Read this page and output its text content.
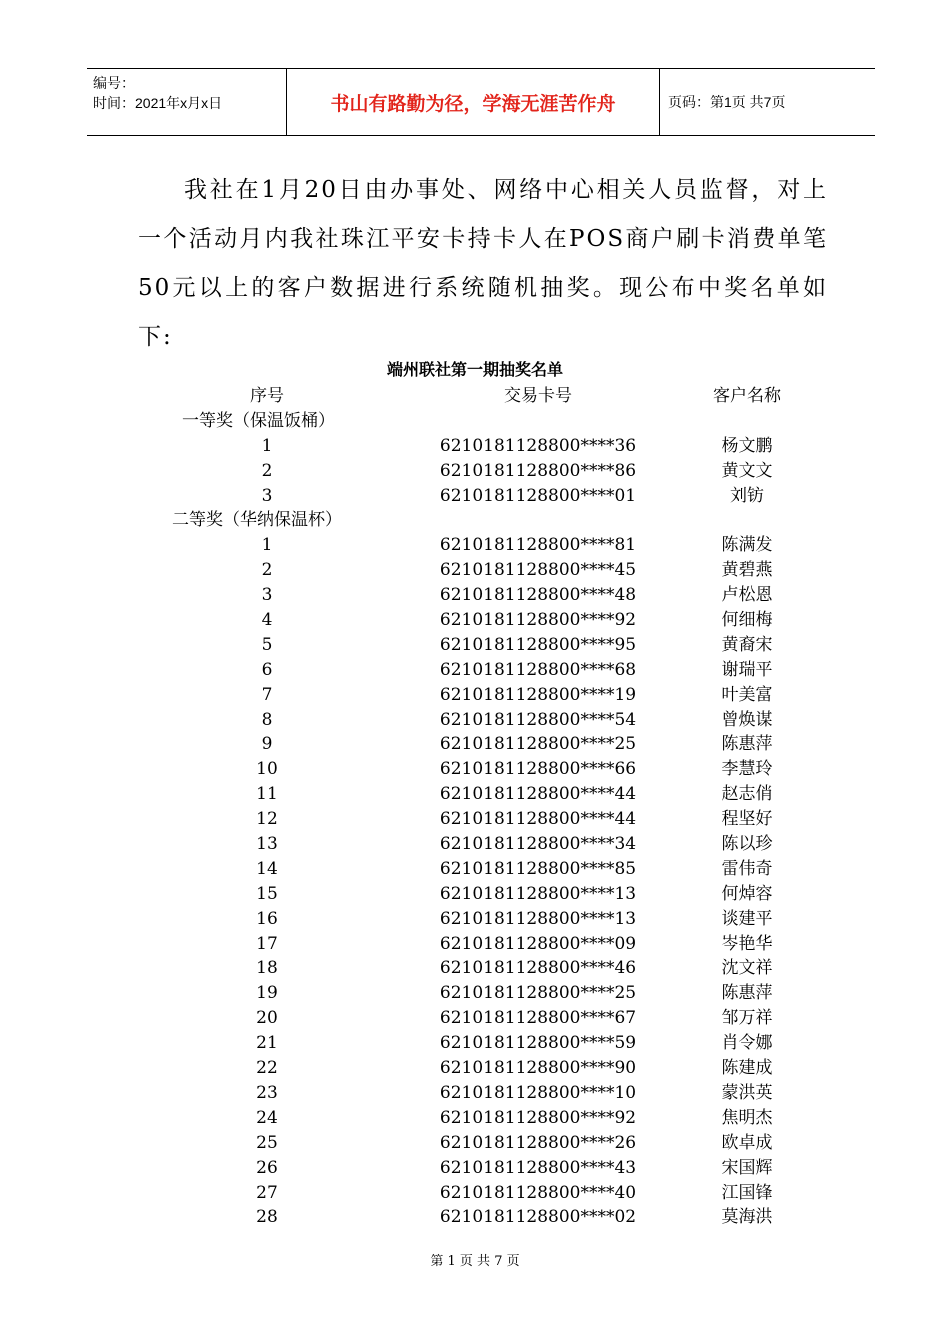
编号：
时间：2021年x月x日	书山有路勤为径，学海无涯苦作舟	页码：第1页 共7页
我社在1月20日由办事处、网络中心相关人员监督，对上一个活动月内我社珠江平安卡持卡人在POS商户刷卡消费单笔50元以上的客户数据进行系统随机抽奖。现公布中奖名单如下:
端州联社第一期抽奖名单
序号	交易卡号	客户名称
一等奖（保温饭桶）
1	6210181128800****36	杨文鹏
2	6210181128800****86	黄文文
3	6210181128800****01	刘钫
二等奖（华纳保温杯）
1	6210181128800****81	陈满发
2	6210181128800****45	黄碧燕
3	6210181128800****48	卢松恩
4	6210181128800****92	何细梅
5	6210181128800****95	黄裔宋
6	6210181128800****68	谢瑞平
7	6210181128800****19	叶美富
8	6210181128800****54	曾焕谋
9	6210181128800****25	陈惠萍
10	6210181128800****66	李慧玲
11	6210181128800****44	赵志俏
12	6210181128800****44	程坚好
13	6210181128800****34	陈以珍
14	6210181128800****85	雷伟奇
15	6210181128800****13	何焯容
16	6210181128800****13	谈建平
17	6210181128800****09	岑艳华
18	6210181128800****46	沈文祥
19	6210181128800****25	陈惠萍
20	6210181128800****67	邹万祥
21	6210181128800****59	肖令娜
22	6210181128800****90	陈建成
23	6210181128800****10	蒙洪英
24	6210181128800****92	焦明杰
25	6210181128800****26	欧卓成
26	6210181128800****43	宋国辉
27	6210181128800****40	江国锋
28	6210181128800****02	莫海洪
第 1 页 共 7 页
